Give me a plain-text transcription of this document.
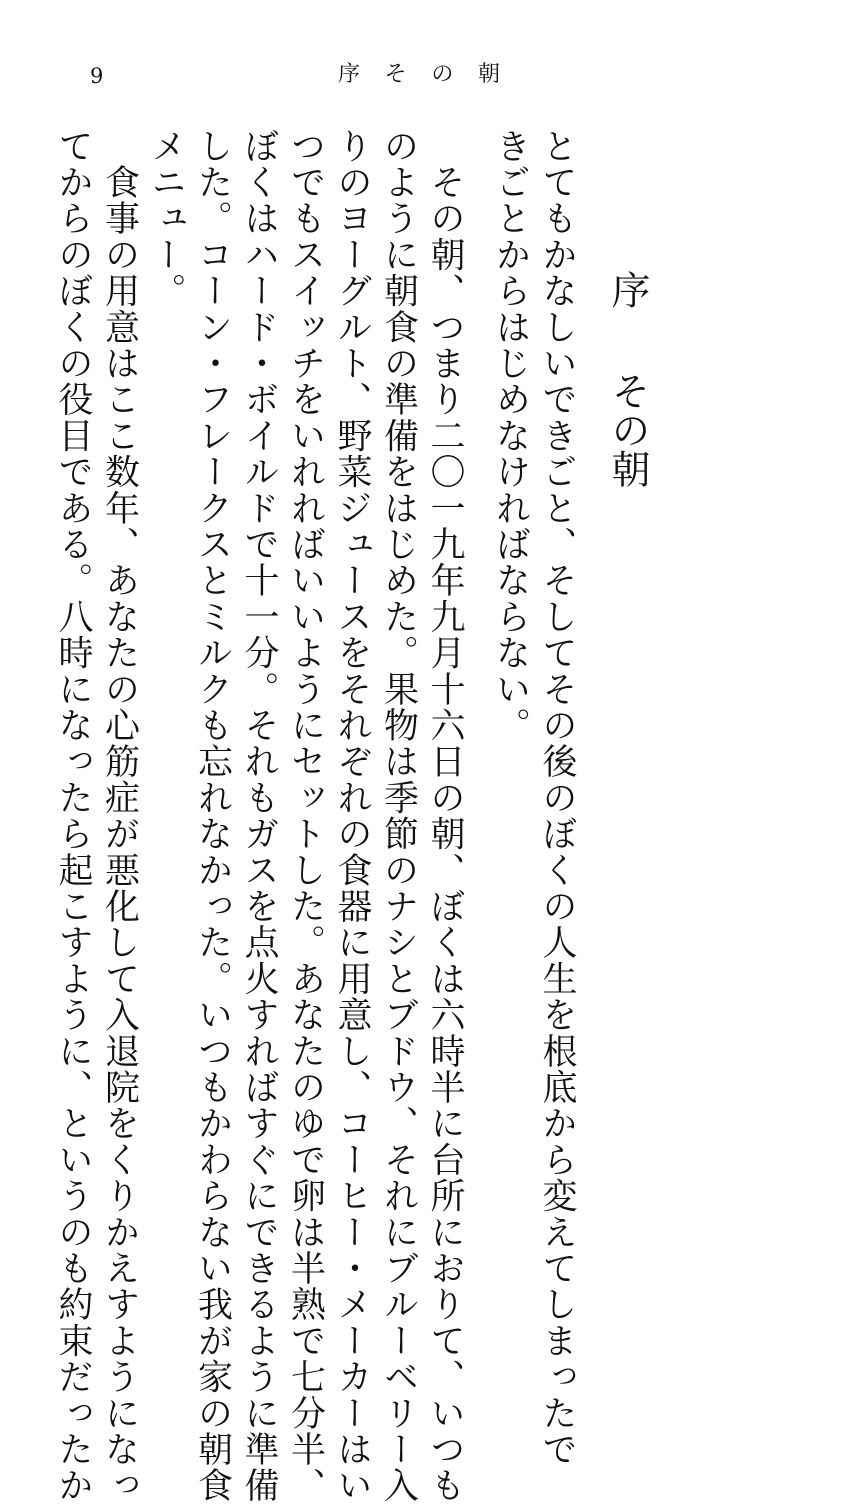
9	序 そ の 朝
序その朝
とてもかなしいできごと、そしてその後のぼくの人生を根底から変えてしまったで
きごとからはじめなければならない。
　その朝、つまり二〇一九年九月十六日の朝、ぼくは六時半に台所におりて、いつも
のように朝食の準備をはじめた。果物は季節のナシとブドウ、それにブルーベリー入
りのヨーグルト、野菜ジュースをそれぞれの食器に用意し、コーヒー・メーカーはい
つでもスイッチをいれればいいようにセットした。あなたのゆで卵は半熟で七分半、
ぼくはハード・ボイルドで十一分。それもガスを点火すればすぐにできるように準備
した。コーン・フレークスとミルクも忘れなかった。いつもかわらない我が家の朝食
メニュー。
　食事の用意はここ数年、あなたの心筋症が悪化して入退院をくりかえすようになっ
てからのぼくの役目である。八時になったら起こすように、というのも約束だったか
